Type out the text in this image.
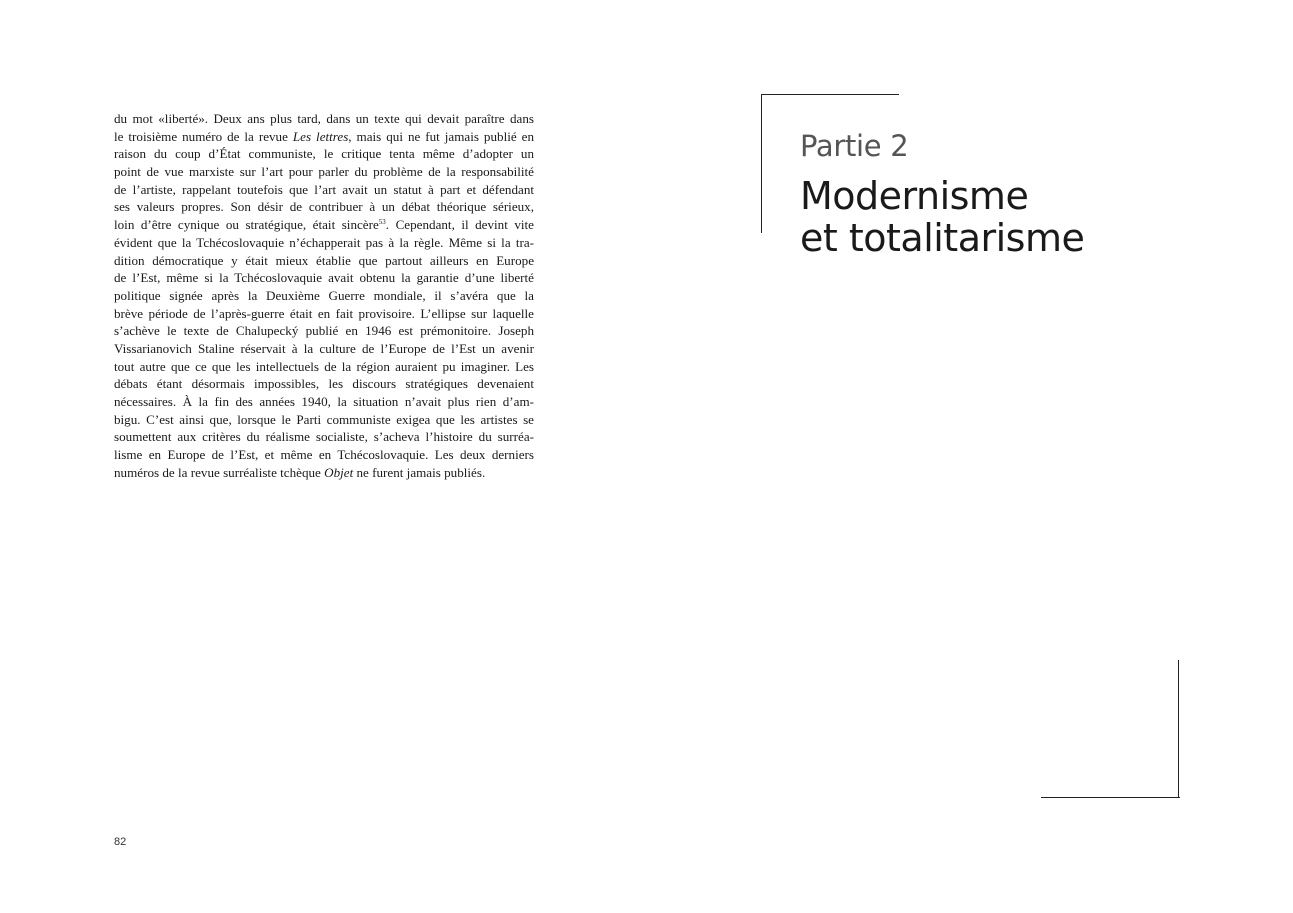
du mot «liberté». Deux ans plus tard, dans un texte qui devait paraître dans
le troisième numéro de la revue Les lettres, mais qui ne fut jamais publié en
raison du coup d’État communiste, le critique tenta même d’adopter un
point de vue marxiste sur l’art pour parler du problème de la responsabilité
de l’artiste, rappelant toutefois que l’art avait un statut à part et défendant
ses valeurs propres. Son désir de contribuer à un débat théorique sérieux,
loin d’être cynique ou stratégique, était sincère$^{53}$. Cependant, il devint vite
évident que la Tchécoslovaquie n’échapperait pas à la règle. Même si la tra-
dition démocratique y était mieux établie que partout ailleurs en Europe
de l’Est, même si la Tchécoslovaquie avait obtenu la garantie d’une liberté
politique signée après la Deuxième Guerre mondiale, il s’avéra que la
brève période de l’après-guerre était en fait provisoire. L’ellipse sur laquelle
s’achève le texte de Chalupecký publié en 1946 est prémonitoire. Joseph
Vissarianovich Staline réservait à la culture de l’Europe de l’Est un avenir
tout autre que ce que les intellectuels de la région auraient pu imaginer. Les
débats étant désormais impossibles, les discours stratégiques devenaient
nécessaires. À la fin des années 1940, la situation n’avait plus rien d’am-
bigu. C’est ainsi que, lorsque le Parti communiste exigea que les artistes se
soumettent aux critères du réalisme socialiste, s’acheva l’histoire du surréa-
lisme en Europe de l’Est, et même en Tchécoslovaquie. Les deux derniers
numéros de la revue surréaliste tchèque Objet ne furent jamais publiés.

82
Partie 2
Modernisme
et totalitarisme
